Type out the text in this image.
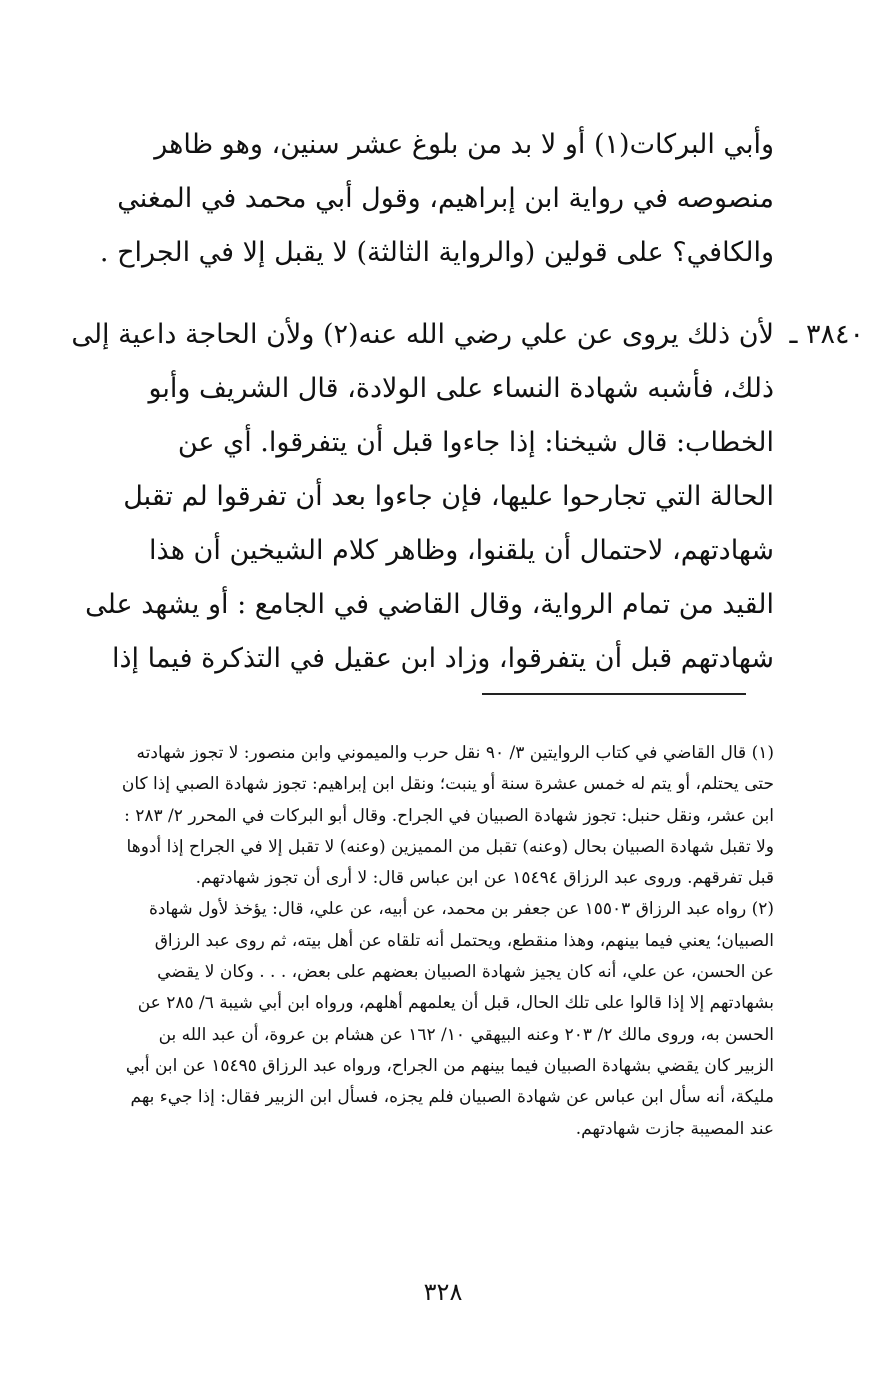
وأبي البركات(١) أو لا بد من بلوغ عشر سنين، وهو ظاهر
منصوصه في رواية ابن إبراهيم، وقول أبي محمد في المغني
والكافي؟ على قولين (والرواية الثالثة) لا يقبل إلا في الجراح .
٣٨٤٠ ـ
لأن ذلك يروى عن علي رضي الله عنه(٢) ولأن الحاجة داعية إلى
ذلك، فأشبه شهادة النساء على الولادة، قال الشريف وأبو
الخطاب: قال شيخنا: إذا جاءوا قبل أن يتفرقوا. أي عن
الحالة التي تجارحوا عليها، فإن جاءوا بعد أن تفرقوا لم تقبل
شهادتهم، لاحتمال أن يلقنوا، وظاهر كلام الشيخين أن هذا
القيد من تمام الرواية، وقال القاضي في الجامع : أو يشهد على
شهادتهم قبل أن يتفرقوا، وزاد ابن عقيل في التذكرة فيما إذا
(١) قال القاضي في كتاب الروايتين ٣/ ٩٠ نقل حرب والميموني وابن منصور: لا تجوز شهادته
حتى يحتلم، أو يتم له خمس عشرة سنة أو ينبت؛ ونقل ابن إبراهيم: تجوز شهادة الصبي إذا كان
ابن عشر، ونقل حنبل: تجوز شهادة الصبيان في الجراح. وقال أبو البركات في المحرر ٢/ ٢٨٣ :
ولا تقبل شهادة الصبيان بحال (وعنه) تقبل من المميزين (وعنه) لا تقبل إلا في الجراح إذا أدوها
قبل تفرقهم. وروى عبد الرزاق ١٥٤٩٤ عن ابن عباس قال: لا أرى أن تجوز شهادتهم.
(٢) رواه عبد الرزاق ١٥٥٠٣ عن جعفر بن محمد، عن أبيه، عن علي، قال: يؤخذ لأول شهادة
الصبيان؛ يعني فيما بينهم، وهذا منقطع، ويحتمل أنه تلقاه عن أهل بيته، ثم روى عبد الرزاق
عن الحسن، عن علي، أنه كان يجيز شهادة الصبيان بعضهم على بعض، . . . وكان لا يقضي
بشهادتهم إلا إذا قالوا على تلك الحال، قبل أن يعلمهم أهلهم، ورواه ابن أبي شيبة ٦/ ٢٨٥ عن
الحسن به، وروى مالك ٢/ ٢٠٣ وعنه البيهقي ١٠/ ١٦٢ عن هشام بن عروة، أن عبد الله بن
الزبير كان يقضي بشهادة الصبيان فيما بينهم من الجراح، ورواه عبد الرزاق ١٥٤٩٥ عن ابن أبي
مليكة، أنه سأل ابن عباس عن شهادة الصبيان فلم يجزه، فسأل ابن الزبير فقال: إذا جيء بهم
عند المصيبة جازت شهادتهم.
٣٢٨
